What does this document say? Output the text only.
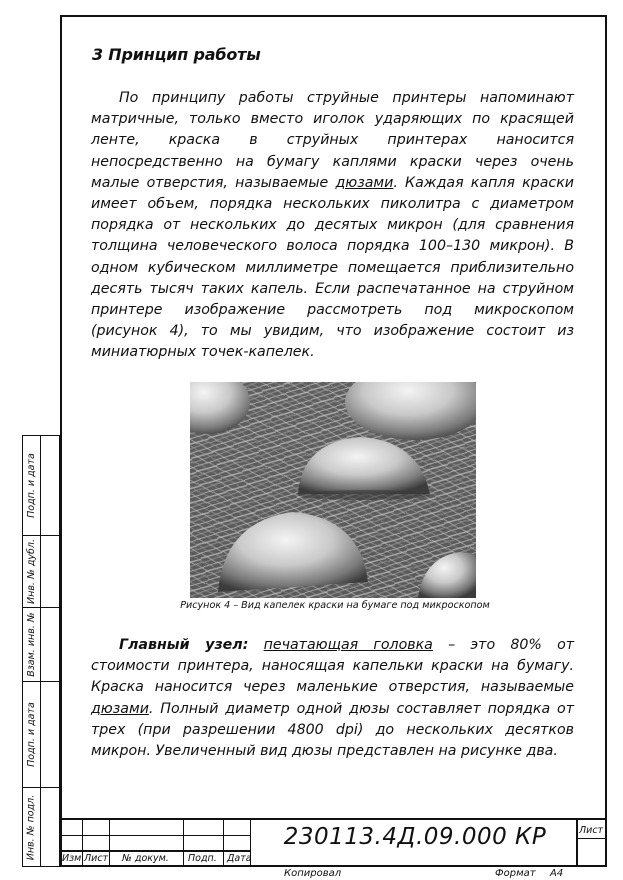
3 Принцип работы
По принципу работы струйные принтеры напоминают матричные, только вместо иголок ударяющих по красящей ленте, краска в струйных принтерах наносится непосредственно на бумагу каплями краски через очень малые отверстия, называемые дюзами. Каждая капля краски имеет объем, порядка нескольких пиколитра с диаметром порядка от нескольких до десятых микрон (для сравнения толщина человеческого волоса порядка 100–130 микрон). В одном кубическом миллиметре помещается приблизительно десять тысяч таких капель. Если распечатанное на струйном принтере изображение рассмотреть под микроскопом (рисунок 4), то мы увидим, что изображение состоит из миниатюрных точек-капелек.
Рисунок 4 – Вид капелек краски на бумаге под микроскопом
Главный узел: печатающая головка – это 80% от стоимости принтера, наносящая капельки краски на бумагу. Краска наносится через маленькие отверстия, называемые дюзами. Полный диаметр одной дюзы составляет порядка от трех (при разрешении 4800 dpi) до нескольких десятков микрон. Увеличенный вид дюзы представлен на рисунке два.
Подп. и дата
Инв. № дубл.
Взам. инв. №
Подп. и дата
Инв. № подл.	Изм. Лист № докум. Подп. Дата
Лист
230113.4Д.09.000 КР
Копировал	Формат А4
